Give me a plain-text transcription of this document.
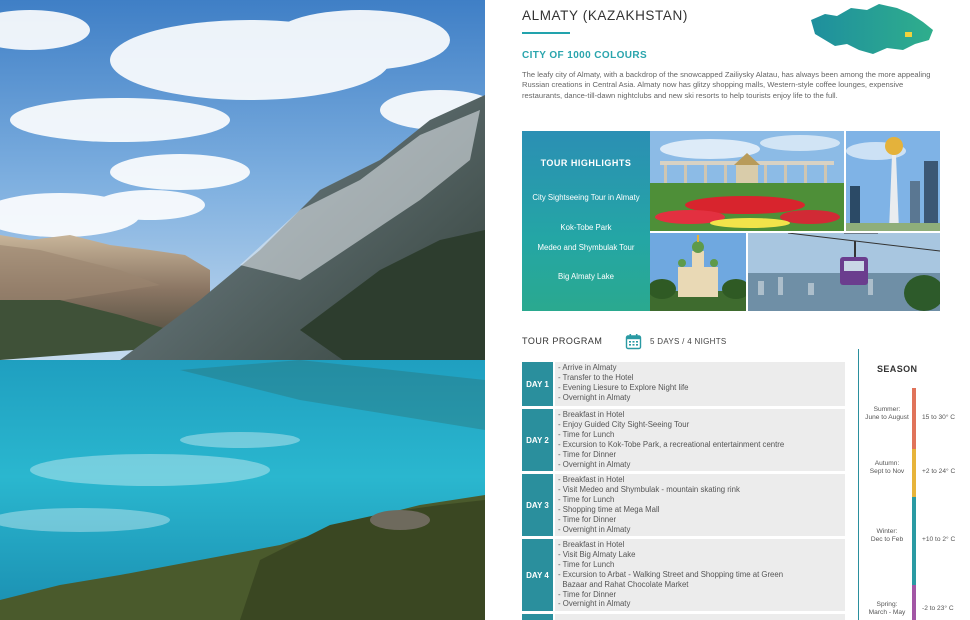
ALMATY (KAZAKHSTAN)
CITY OF 1000 COLOURS

The leafy city of Almaty, with a backdrop of the snowcapped Zailiysky Alatau, has always been among the more appealing Russian creations in Central Asia. Almaty now has glitzy shopping malls, Western-style coffee lounges, expensive restaurants, dance-till-dawn nightclubs and new ski resorts to help tourists enjoy life to the full.

TOUR HIGHLIGHTS
City Sightseeing Tour in Almaty
Kok-Tobe Park
Medeo and Shymbulak Tour
Big Almaty Lake
TOUR PROGRAM	5 DAYS / 4 NIGHTS
DAY 1
- Arrive in Almaty
- Transfer to the Hotel
- Evening Liesure to Explore Night life
- Overnight in Almaty
DAY 2
- Breakfast in Hotel
- Enjoy Guided City Sight-Seeing Tour
- Time for Lunch
- Excursion to Kok-Tobe Park, a recreational entertainment centre
- Time for Dinner
- Overnight in Almaty
DAY 3
- Breakfast in Hotel
- Visit Medeo and Shymbulak - mountain skating rink
- Time for Lunch
- Shopping time at Mega Mall
- Time for Dinner
- Overnight in Almaty
DAY 4
- Breakfast in Hotel
- Visit Big Almaty Lake
- Time for Lunch
- Excursion to Arbat - Walking Street and Shopping time at Green
Bazaar and Rahat Chocolate Market
- Time for Dinner
- Overnight in Almaty
SEASON
Summer:
June to August	15 to 30° C
Autumn:
Sept to Nov	+2 to 24° C
Winter:
Dec to Feb	+10 to 2° C
Spring:
March - May
-2 to 23° C
